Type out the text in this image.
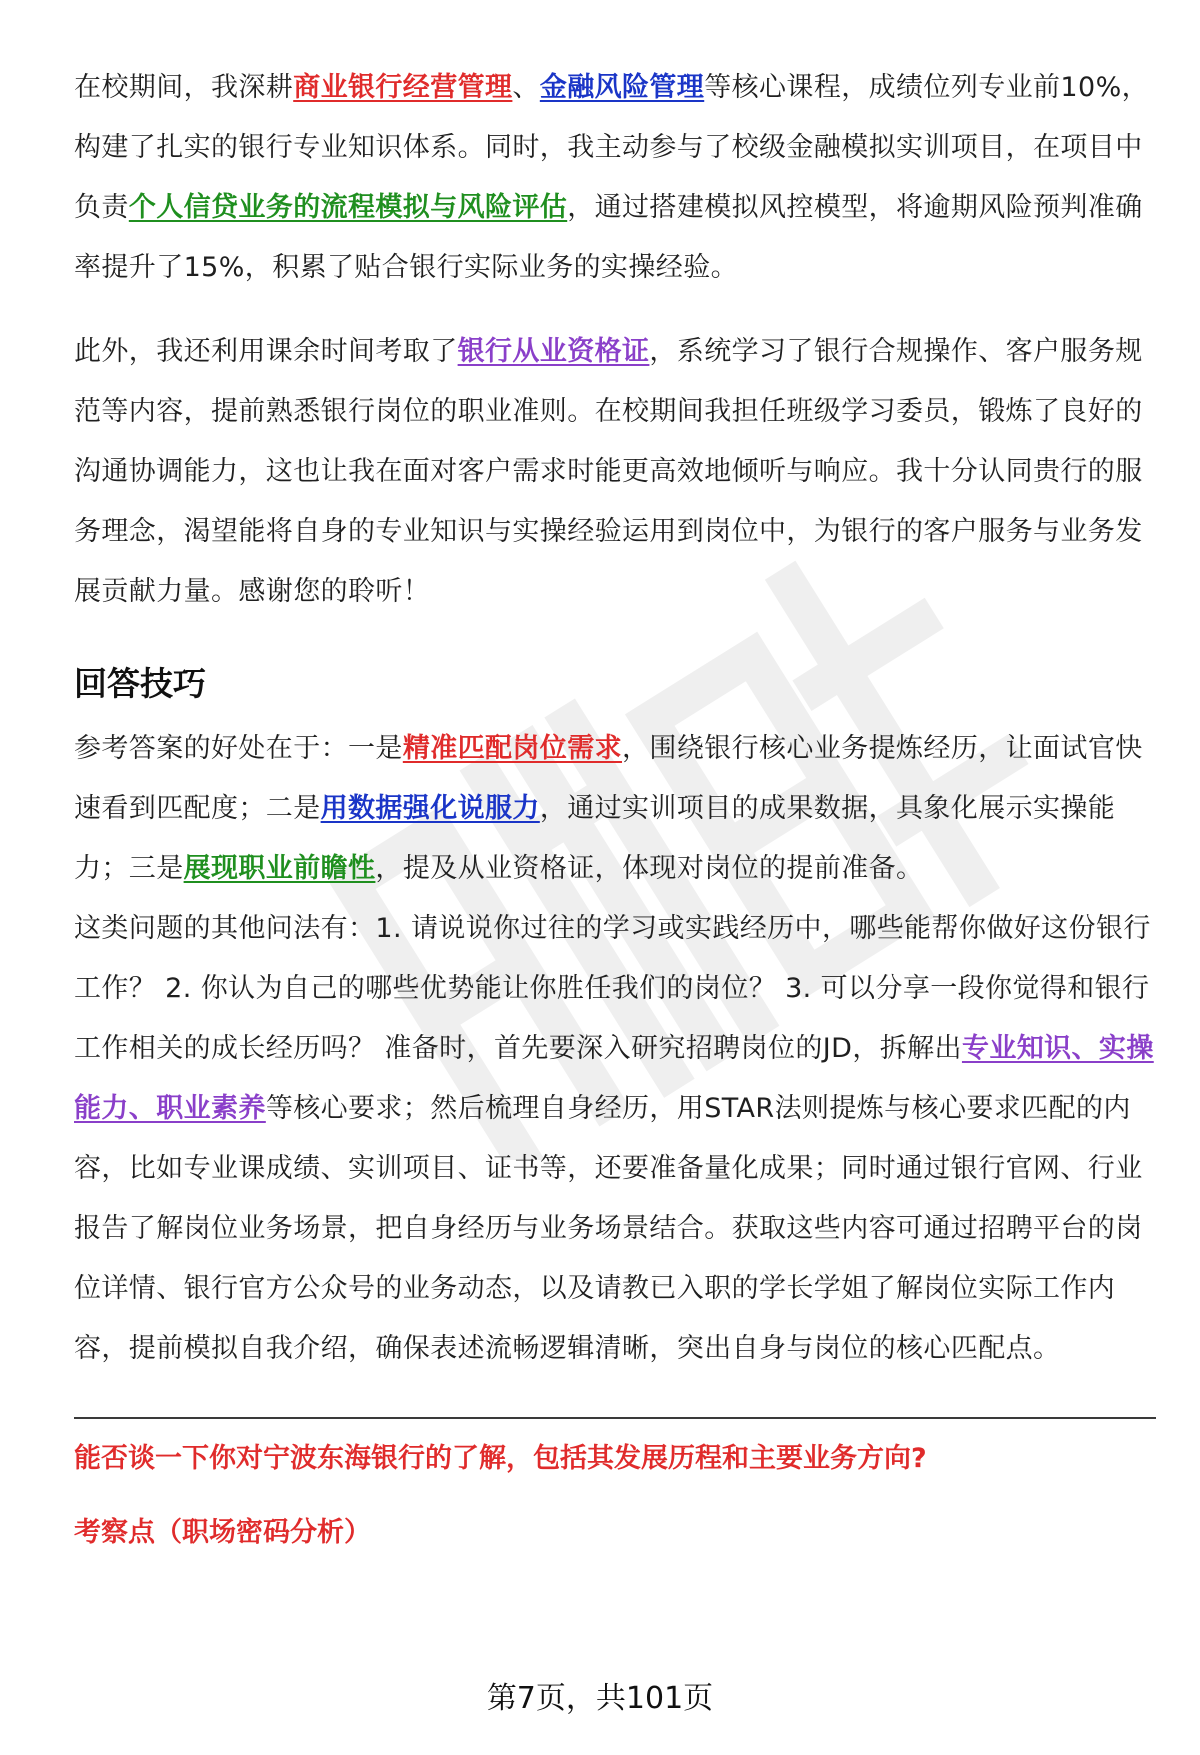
在校期间，我深耕商业银行经营管理、金融风险管理等核心课程，成绩位列专业前10%，构建了扎实的银行专业知识体系。同时，我主动参与了校级金融模拟实训项目，在项目中负责个人信贷业务的流程模拟与风险评估，通过搭建模拟风控模型，将逾期风险预判准确率提升了15%，积累了贴合银行实际业务的实操经验。

此外，我还利用课余时间考取了银行从业资格证，系统学习了银行合规操作、客户服务规范等内容，提前熟悉银行岗位的职业准则。在校期间我担任班级学习委员，锻炼了良好的沟通协调能力，这也让我在面对客户需求时能更高效地倾听与响应。我十分认同贵行的服务理念，渴望能将自身的专业知识与实操经验运用到岗位中，为银行的客户服务与业务发展贡献力量。感谢您的聆听！

回答技巧

参考答案的好处在于：一是精准匹配岗位需求，围绕银行核心业务提炼经历，让面试官快速看到匹配度；二是用数据强化说服力，通过实训项目的成果数据，具象化展示实操能力；三是展现职业前瞻性，提及从业资格证，体现对岗位的提前准备。

这类问题的其他问法有：1. 请说说你过往的学习或实践经历中，哪些能帮你做好这份银行工作？ 2. 你认为自己的哪些优势能让你胜任我们的岗位？ 3. 可以分享一段你觉得和银行工作相关的成长经历吗？ 准备时，首先要深入研究招聘岗位的JD，拆解出专业知识、实操能力、职业素养等核心要求；然后梳理自身经历，用STAR法则提炼与核心要求匹配的内容，比如专业课成绩、实训项目、证书等，还要准备量化成果；同时通过银行官网、行业报告了解岗位业务场景，把自身经历与业务场景结合。获取这些内容可通过招聘平台的岗位详情、银行官方公众号的业务动态，以及请教已入职的学长学姐了解岗位实际工作内容，提前模拟自我介绍，确保表述流畅逻辑清晰，突出自身与岗位的核心匹配点。

能否谈一下你对宁波东海银行的了解，包括其发展历程和主要业务方向?

考察点（职场密码分析）

第7页，共101页
